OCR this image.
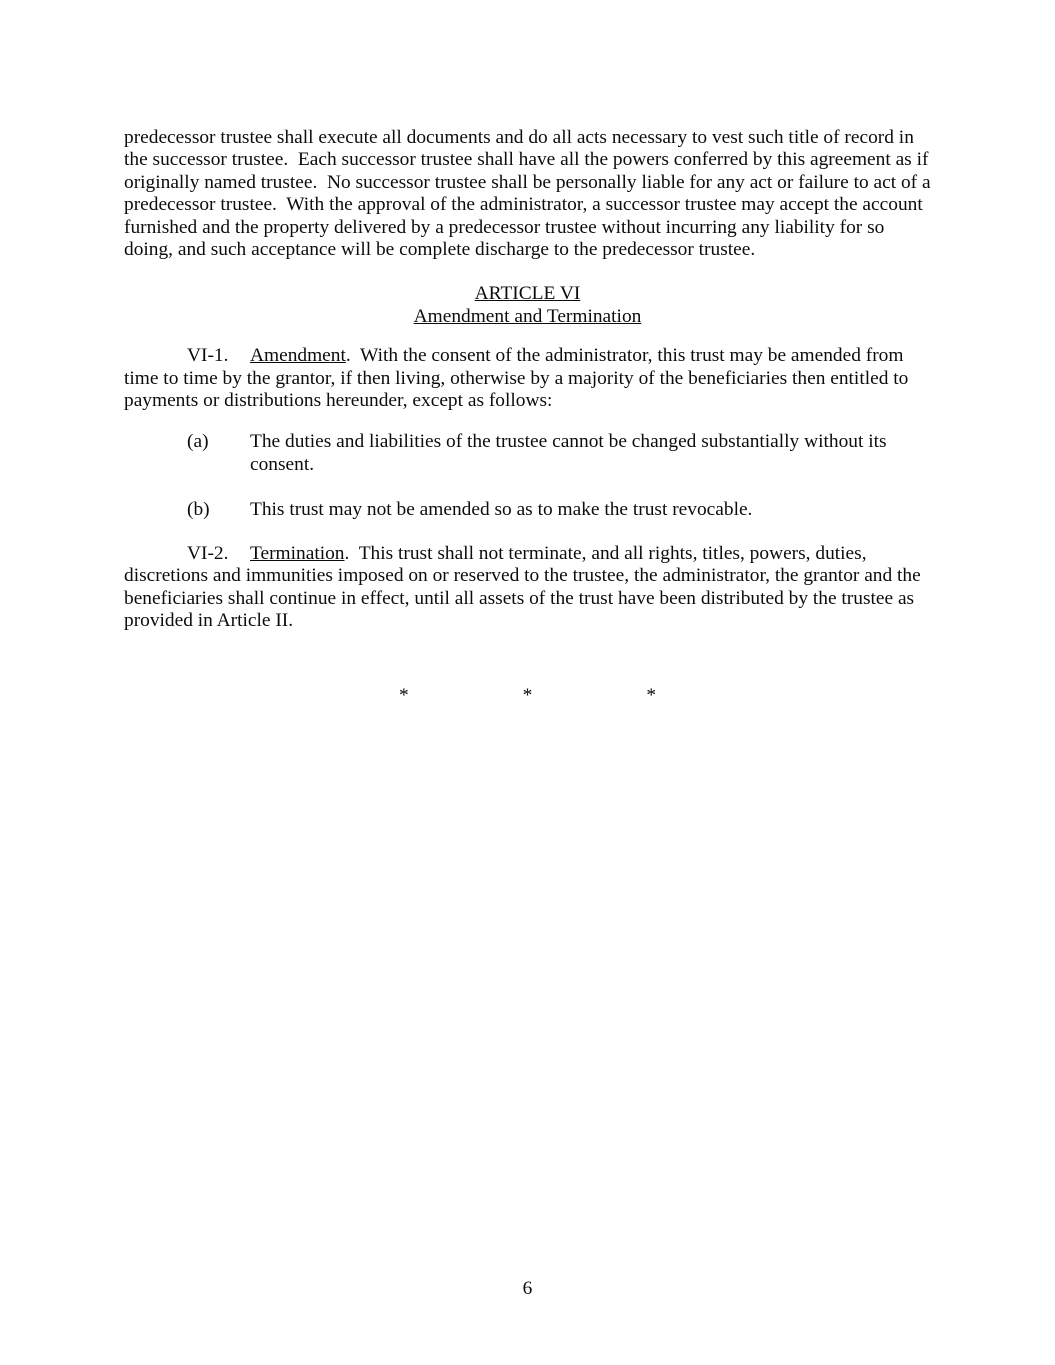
predecessor trustee shall execute all documents and do all acts necessary to vest such title of record in the successor trustee.  Each successor trustee shall have all the powers conferred by this agreement as if originally named trustee.  No successor trustee shall be personally liable for any act or failure to act of a predecessor trustee.  With the approval of the administrator, a successor trustee may accept the account furnished and the property delivered by a predecessor trustee without incurring any liability for so doing, and such acceptance will be complete discharge to the predecessor trustee.

ARTICLE VI
Amendment and Termination

VI-1. Amendment.  With the consent of the administrator, this trust may be amended from time to time by the grantor, if then living, otherwise by a majority of the beneficiaries then entitled to payments or distributions hereunder, except as follows:

(a)	The duties and liabilities of the trustee cannot be changed substantially without its consent.
(b)	This trust may not be amended so as to make the trust revocable.

VI-2. Termination.  This trust shall not terminate, and all rights, titles, powers, duties, discretions and immunities imposed on or reserved to the trustee, the administrator, the grantor and the beneficiaries shall continue in effect, until all assets of the trust have been distributed by the trustee as provided in Article II.

*	*	*
6
